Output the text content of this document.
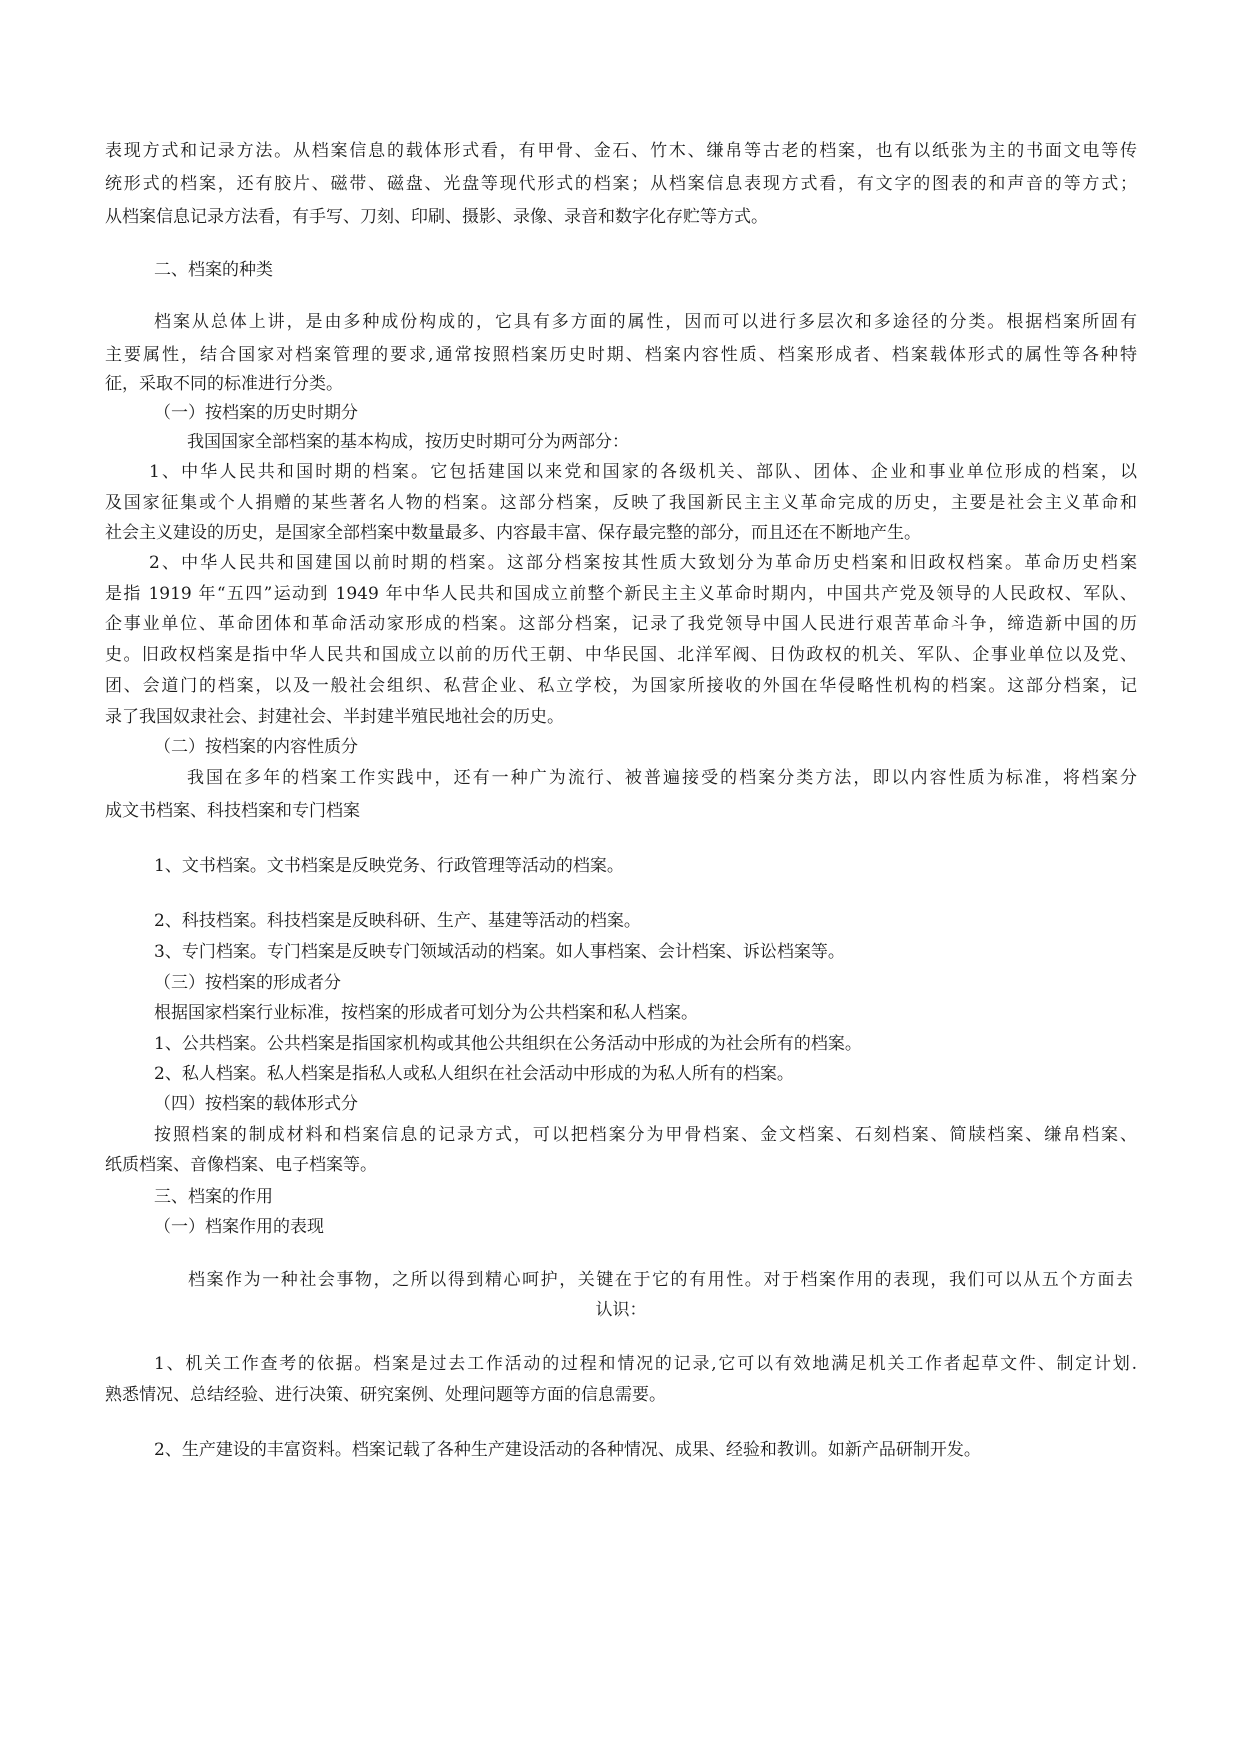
表现方式和记录方法。从档案信息的载体形式看，有甲骨、金石、竹木、缣帛等古老的档案，也有以纸张为主的书面文电等传
统形式的档案，还有胶片、磁带、磁盘、光盘等现代形式的档案；从档案信息表现方式看，有文字的图表的和声音的等方式；
从档案信息记录方法看，有手写、刀刻、印刷、摄影、录像、录音和数字化存贮等方式。
二、档案的种类
档案从总体上讲，是由多种成份构成的，它具有多方面的属性，因而可以进行多层次和多途径的分类。根据档案所固有
主要属性，结合国家对档案管理的要求,通常按照档案历史时期、档案内容性质、档案形成者、档案载体形式的属性等各种特
征，采取不同的标准进行分类。
（一）按档案的历史时期分
我国国家全部档案的基本构成，按历史时期可分为两部分：
1、中华人民共和国时期的档案。它包括建国以来党和国家的各级机关、部队、团体、企业和事业单位形成的档案，以
及国家征集或个人捐赠的某些著名人物的档案。这部分档案，反映了我国新民主主义革命完成的历史，主要是社会主义革命和
社会主义建设的历史，是国家全部档案中数量最多、内容最丰富、保存最完整的部分，而且还在不断地产生。
2、中华人民共和国建国以前时期的档案。这部分档案按其性质大致划分为革命历史档案和旧政权档案。革命历史档案
是指 1919 年“五四”运动到 1949 年中华人民共和国成立前整个新民主主义革命时期内，中国共产党及领导的人民政权、军队、
企事业单位、革命团体和革命活动家形成的档案。这部分档案，记录了我党领导中国人民进行艰苦革命斗争，缔造新中国的历
史。旧政权档案是指中华人民共和国成立以前的历代王朝、中华民国、北洋军阀、日伪政权的机关、军队、企事业单位以及党、
团、会道门的档案，以及一般社会组织、私营企业、私立学校，为国家所接收的外国在华侵略性机构的档案。这部分档案，记
录了我国奴隶社会、封建社会、半封建半殖民地社会的历史。
（二）按档案的内容性质分
我国在多年的档案工作实践中，还有一种广为流行、被普遍接受的档案分类方法，即以内容性质为标准，将档案分
成文书档案、科技档案和专门档案
1、文书档案。文书档案是反映党务、行政管理等活动的档案。
2、科技档案。科技档案是反映科研、生产、基建等活动的档案。
3、专门档案。专门档案是反映专门领域活动的档案。如人事档案、会计档案、诉讼档案等。
（三）按档案的形成者分
根据国家档案行业标准，按档案的形成者可划分为公共档案和私人档案。
1、公共档案。公共档案是指国家机构或其他公共组织在公务活动中形成的为社会所有的档案。
2、私人档案。私人档案是指私人或私人组织在社会活动中形成的为私人所有的档案。
（四）按档案的载体形式分
按照档案的制成材料和档案信息的记录方式，可以把档案分为甲骨档案、金文档案、石刻档案、简牍档案、缣帛档案、
纸质档案、音像档案、电子档案等。
三、档案的作用
（一）档案作用的表现
档案作为一种社会事物，之所以得到精心呵护，关键在于它的有用性。对于档案作用的表现，我们可以从五个方面去
认识：
1、机关工作查考的依据。档案是过去工作活动的过程和情况的记录,它可以有效地满足机关工作者起草文件、制定计划.
熟悉情况、总结经验、进行决策、研究案例、处理问题等方面的信息需要。
2、生产建设的丰富资料。档案记载了各种生产建设活动的各种情况、成果、经验和教训。如新产品研制开发。
